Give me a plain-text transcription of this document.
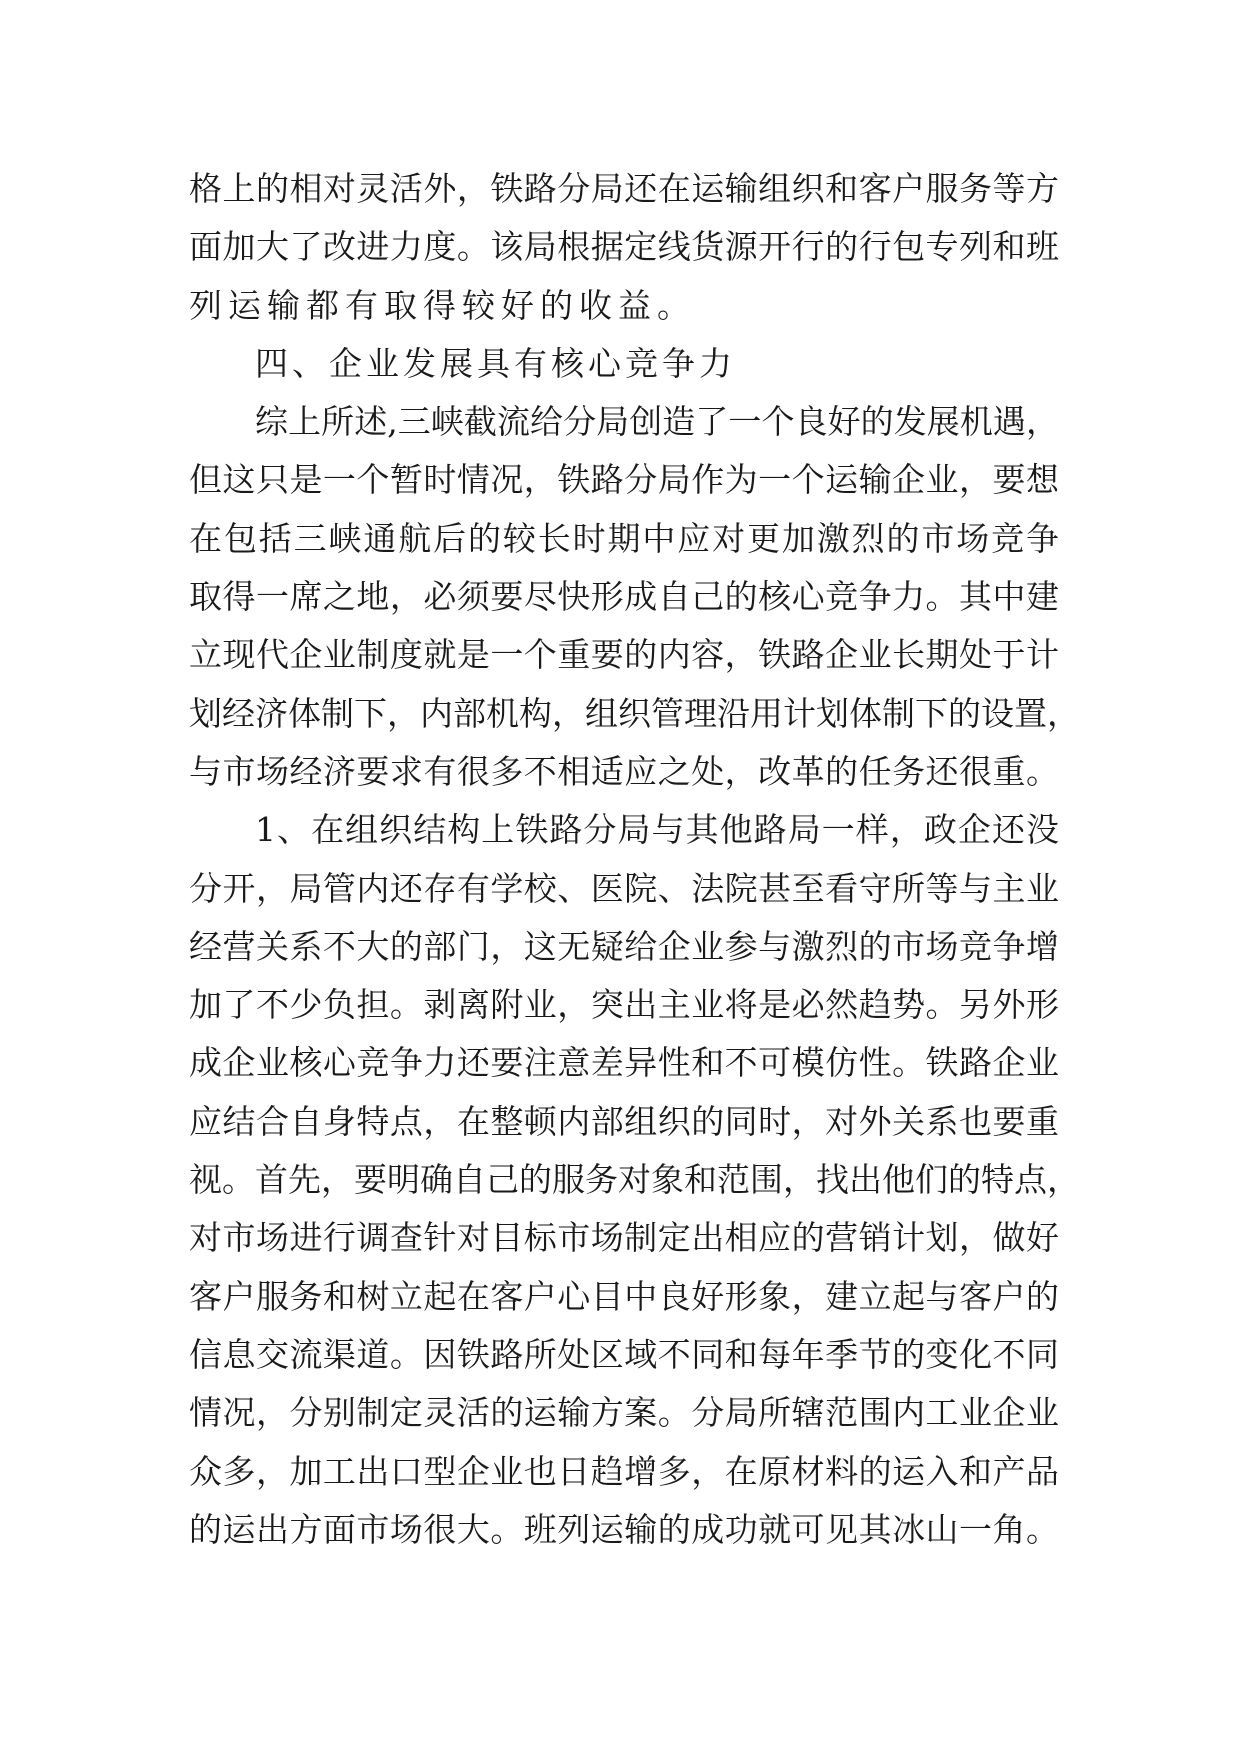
格上的相对灵活外，铁路分局还在运输组织和客户服务等方
面加大了改进力度。该局根据定线货源开行的行包专列和班
列运输都有取得较好的收益。
四、企业发展具有核心竞争力
综上所述,三峡截流给分局创造了一个良好的发展机遇，
但这只是一个暂时情况，铁路分局作为一个运输企业，要想
在包括三峡通航后的较长时期中应对更加激烈的市场竞争
取得一席之地，必须要尽快形成自己的核心竞争力。其中建
立现代企业制度就是一个重要的内容，铁路企业长期处于计
划经济体制下，内部机构，组织管理沿用计划体制下的设置，
与市场经济要求有很多不相适应之处，改革的任务还很重。
1、在组织结构上铁路分局与其他路局一样，政企还没
分开，局管内还存有学校、医院、法院甚至看守所等与主业
经营关系不大的部门，这无疑给企业参与激烈的市场竞争增
加了不少负担。剥离附业，突出主业将是必然趋势。另外形
成企业核心竞争力还要注意差异性和不可模仿性。铁路企业
应结合自身特点，在整顿内部组织的同时，对外关系也要重
视。首先，要明确自己的服务对象和范围，找出他们的特点，
对市场进行调查针对目标市场制定出相应的营销计划，做好
客户服务和树立起在客户心目中良好形象，建立起与客户的
信息交流渠道。因铁路所处区域不同和每年季节的变化不同
情况，分别制定灵活的运输方案。分局所辖范围内工业企业
众多，加工出口型企业也日趋增多，在原材料的运入和产品
的运出方面市场很大。班列运输的成功就可见其冰山一角。
